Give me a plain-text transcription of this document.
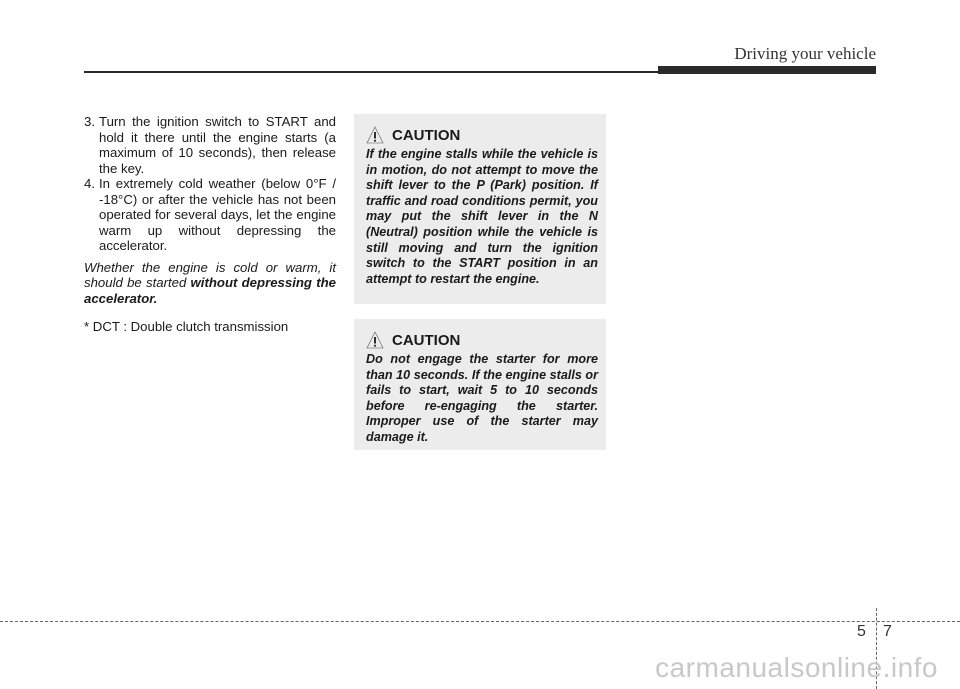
Driving your vehicle
3. Turn the ignition switch to START and hold it there until the engine starts (a maximum of 10 seconds), then release the key.
4. In extremely cold weather (below 0°F / -18°C) or after the vehicle has not been operated for several days, let the engine warm up without depressing the accelerator.

Whether the engine is cold or warm, it should be started without depressing the accelerator.

* DCT : Double clutch transmission

CAUTION
If the engine stalls while the vehicle is in motion, do not attempt to move the shift lever to the P (Park) position. If traffic and road conditions permit, you may put the shift lever in the N (Neutral) position while the vehicle is still moving and turn the ignition switch to the START position in an attempt to restart the engine.
CAUTION
Do not engage the starter for more than 10 seconds. If the engine stalls or fails to start, wait 5 to 10 seconds before re-engaging the starter. Improper use of the starter may damage it.
5 7
carmanualsonline.info
